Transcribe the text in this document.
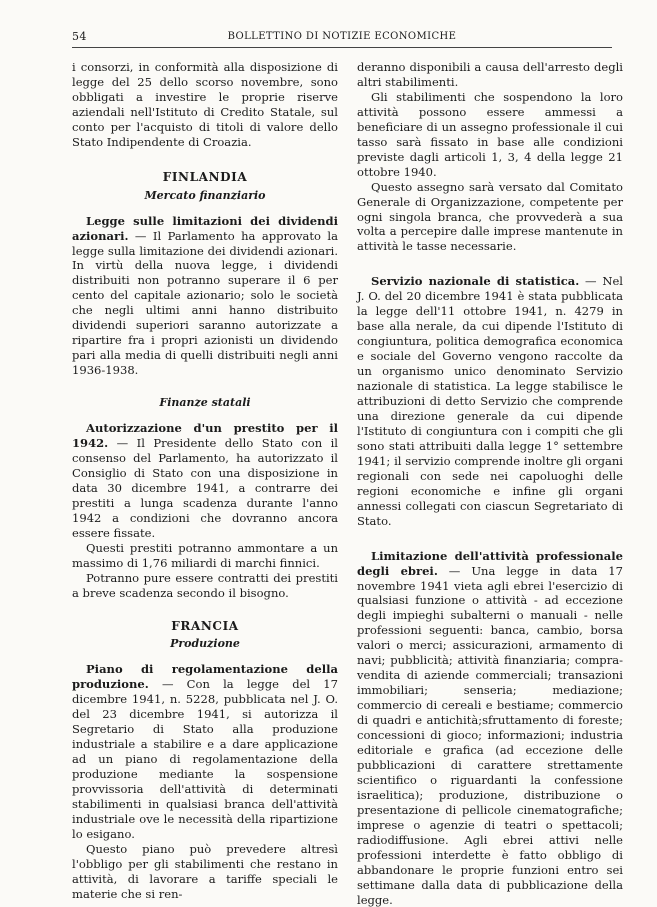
54	BOLLETTINO DI NOTIZIE ECONOMICHE

i consorzi, in conformità alla disposizione di legge del 25 dello scorso novembre, sono obbligati a investire le proprie riserve aziendali nell'Istituto di Credito Statale, sul conto per l'acquisto di titoli di valore dello Stato Indipendente di Croazia.

FINLANDIA
Mercato finanziario

Legge sulle limitazioni dei dividendi azionari. — Il Parlamento ha approvato la legge sulla limitazione dei dividendi azionari. In virtù della nuova legge, i dividendi distribuiti non potranno superare il 6 per cento del capitale azionario; solo le società che negli ultimi anni hanno distribuito dividendi superiori saranno autorizzate a ripartire fra i propri azionisti un dividendo pari alla media di quelli distribuiti negli anni 1936-1938.

Finanze statali

Autorizzazione d'un prestito per il 1942. — Il Presidente dello Stato con il consenso del Parlamento, ha autorizzato il Consiglio di Stato con una disposizione in data 30 dicembre 1941, a contrarre dei prestiti a lunga scadenza durante l'anno 1942 a condizioni che dovranno ancora essere fissate.

Questi prestiti potranno ammontare a un massimo di 1,76 miliardi di marchi finnici.

Potranno pure essere contratti dei prestiti a breve scadenza secondo il bisogno.

FRANCIA
Produzione

Piano di regolamentazione della produzione. — Con la legge del 17 dicembre 1941, n. 5228, pubblicata nel J. O. del 23 dicembre 1941, si autorizza il Segretario di Stato alla produzione industriale a stabilire e a dare applicazione ad un piano di regolamentazione della produzione mediante la sospensione provvissoria dell'attività di determinati stabilimenti in qualsiasi branca dell'attività industriale ove le necessità della ripartizione lo esigano.

Questo piano può prevedere altresì l'obbligo per gli stabilimenti che restano in attività, di lavorare a tariffe speciali le materie che si ren-

deranno disponibili a causa dell'arresto degli altri stabilimenti.

Gli stabilimenti che sospendono la loro attività possono essere ammessi a beneficiare di un assegno professionale il cui tasso sarà fissato in base alle condizioni previste dagli articoli 1, 3, 4 della legge 21 ottobre 1940.

Questo assegno sarà versato dal Comitato Generale di Organizzazione, competente per ogni singola branca, che provvederà a sua volta a percepire dalle imprese mantenute in attività le tasse necessarie.

Servizio nazionale di statistica. — Nel J. O. del 20 dicembre 1941 è stata pubblicata la legge dell'11 ottobre 1941, n. 4279 in base alla nerale, da cui dipende l'Istituto di congiuntura, politica demografica economica e sociale del Governo vengono raccolte da un organismo unico denominato Servizio nazionale di statistica. La legge stabilisce le attribuzioni di detto Servizio che comprende una direzione generale da cui dipende l'Istituto di congiuntura con i compiti che gli sono stati attribuiti dalla legge 1° settembre 1941; il servizio comprende inoltre gli organi regionali con sede nei capoluoghi delle regioni economiche e infine gli organi annessi collegati con ciascun Segretariato di Stato.

Limitazione dell'attività professionale degli ebrei. — Una legge in data 17 novembre 1941 vieta agli ebrei l'esercizio di qualsiasi funzione o attività - ad eccezione degli impieghi subalterni o manuali - nelle professioni seguenti: banca, cambio, borsa valori o merci; assicurazioni, armamento di navi; pubblicità; attività finanziaria; compra-vendita di aziende commerciali; transazioni immobiliari; senseria; mediazione; commercio di cereali e bestiame; commercio di quadri e antichità;sfruttamento di foreste; concessioni di gioco; informazioni; industria editoriale e grafica (ad eccezione delle pubblicazioni di carattere strettamente scientifico o riguardanti la confessione israelitica); produzione, distribuzione o presentazione di pellicole cinematografiche; imprese o agenzie di teatri o spettacoli; radiodiffusione. Agli ebrei attivi nelle professioni interdette è fatto obbligo di abbandonare le proprie funzioni entro sei settimane dalla data di pubblicazione della legge.
